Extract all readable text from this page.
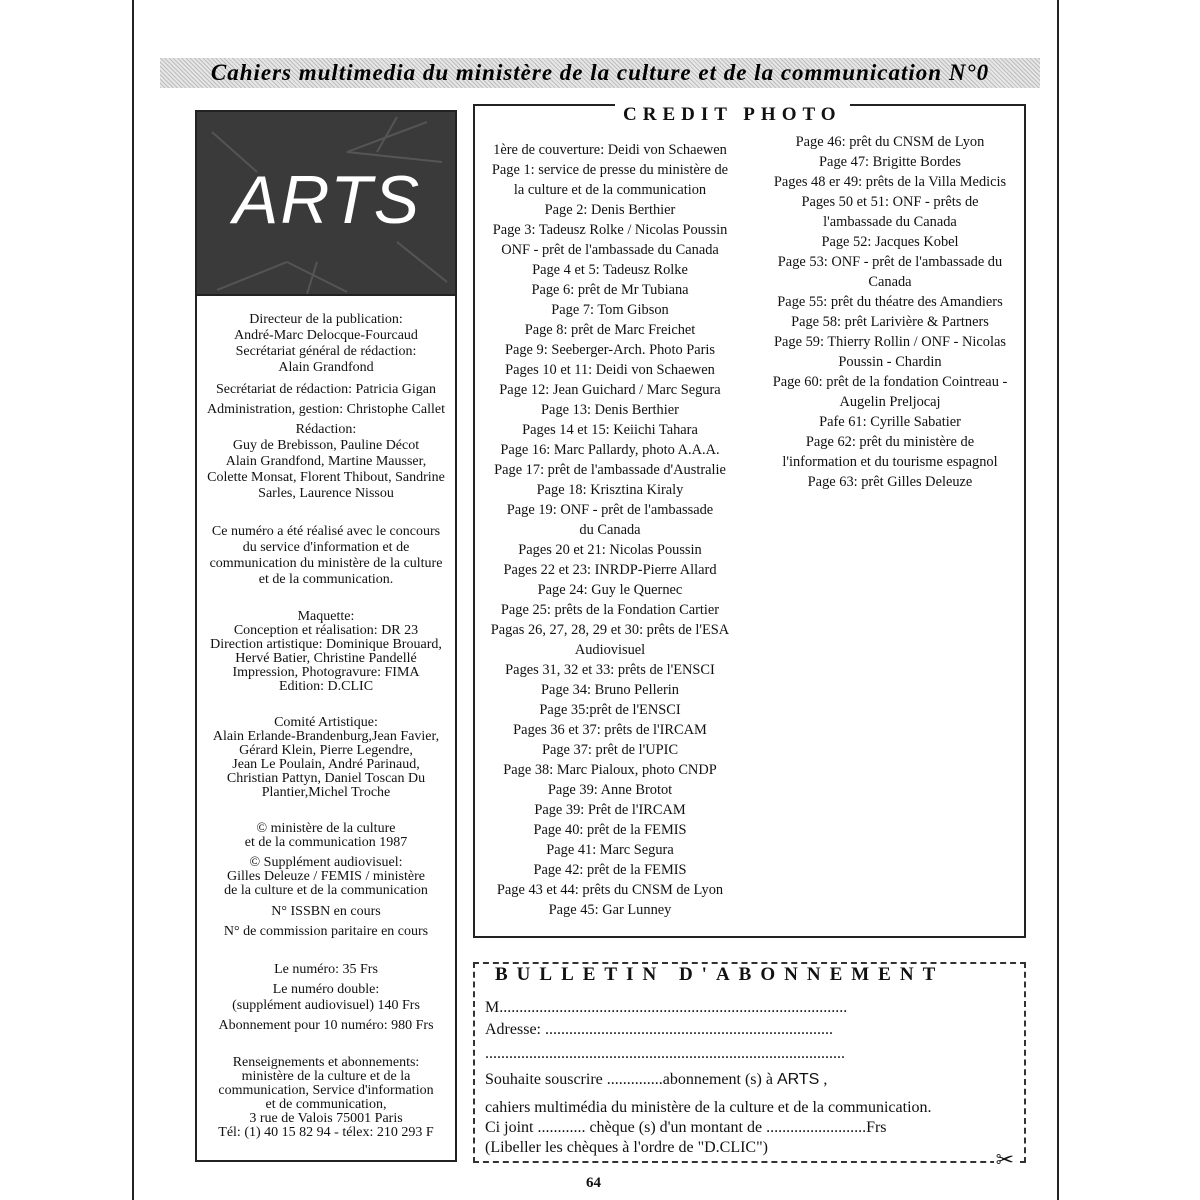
Cahiers multimedia du ministère de la culture et de la communication N°0
ARTS

Directeur de la publication:

André-Marc Delocque-Fourcaud

Secrétariat général de rédaction:

Alain Grandfond

Secrétariat de rédaction: Patricia Gigan

Administration, gestion: Christophe Callet

Rédaction:

Guy de Brebisson, Pauline Décot

Alain Grandfond, Martine Mausser,

Colette Monsat, Florent Thibout, Sandrine

Sarles, Laurence Nissou

Ce numéro a été réalisé avec le concours

du service d'information et de

communication du ministère de la culture

et de la communication.

Maquette:

Conception et réalisation: DR 23

Direction artistique: Dominique Brouard,

Hervé Batier, Christine Pandellé

Impression, Photogravure: FIMA

Edition: D.CLIC

Comité Artistique:

Alain Erlande-Brandenburg,Jean Favier,

Gérard Klein, Pierre Legendre,

Jean Le Poulain, André Parinaud,

Christian Pattyn, Daniel Toscan Du

Plantier,Michel Troche

© ministère de la culture

et de la communication 1987

© Supplément audiovisuel:

Gilles Deleuze / FEMIS / ministère

de la culture et de la communication

N° ISSBN en cours

N° de commission paritaire en cours

Le numéro: 35 Frs

Le numéro double:

(supplément audiovisuel) 140 Frs

Abonnement pour 10 numéro: 980 Frs

Renseignements et abonnements:

ministère de la culture et de la

communication, Service d'information

et de communication,

3 rue de Valois 75001 Paris

Tél: (1) 40 15 82 94 - télex: 210 293 F

CREDIT PHOTO

1ère de couverture: Deidi von Schaewen

Page 1: service de presse du ministère de

la culture et de la communication

Page 2: Denis Berthier

Page 3: Tadeusz Rolke / Nicolas Poussin

ONF - prêt de l'ambassade du Canada

Page 4 et 5: Tadeusz Rolke

Page 6: prêt de Mr Tubiana

Page 7: Tom Gibson

Page 8: prêt de Marc Freichet

Page 9: Seeberger-Arch. Photo Paris

Pages 10 et 11: Deidi von Schaewen

Page 12: Jean Guichard / Marc Segura

Page 13: Denis Berthier

Pages 14 et 15: Keiichi Tahara

Page 16: Marc Pallardy, photo A.A.A.

Page 17: prêt de l'ambassade d'Australie

Page 18: Krisztina Kiraly

Page 19: ONF - prêt de l'ambassade

du Canada

Pages 20 et 21: Nicolas Poussin

Pages 22 et 23: INRDP-Pierre Allard

Page 24: Guy le Quernec

Page 25: prêts de la Fondation Cartier

Pagas 26, 27, 28, 29 et 30: prêts de l'ESA

Audiovisuel

Pages 31, 32 et 33: prêts de l'ENSCI

Page 34: Bruno Pellerin

Page 35:prêt de l'ENSCI

Pages 36 et 37: prêts de l'IRCAM

Page 37: prêt de l'UPIC

Page 38: Marc Pialoux, photo CNDP

Page 39: Anne Brotot

Page 39: Prêt de l'IRCAM

Page 40: prêt de la FEMIS

Page 41: Marc Segura

Page 42: prêt de la FEMIS

Page 43 et 44: prêts du CNSM de Lyon

Page 45: Gar Lunney

Page 46: prêt du CNSM de Lyon

Page 47: Brigitte Bordes

Pages 48 er 49: prêts de la Villa Medicis

Pages 50 et 51: ONF - prêts de

l'ambassade du Canada

Page 52: Jacques Kobel

Page 53: ONF - prêt de l'ambassade du

Canada

Page 55: prêt du théatre des Amandiers

Page 58: prêt Larivière & Partners

Page 59: Thierry Rollin / ONF - Nicolas

Poussin - Chardin

Page 60: prêt de la fondation Cointreau -

Augelin Preljocaj

Pafe 61: Cyrille Sabatier

Page 62: prêt du ministère de

l'information et du tourisme espagnol

Page 63: prêt Gilles Deleuze

BULLETIN D'ABONNEMENT
M.......................................................................................
Adresse: ........................................................................
..........................................................................................
Souhaite souscrire ..............abonnement (s) à ARTS ,
cahiers multimédia du ministère de la culture et de la communication.
Ci joint ............ chèque (s) d'un montant de .........................Frs
(Libeller les chèques à l'ordre de "D.CLIC")	✂
64
